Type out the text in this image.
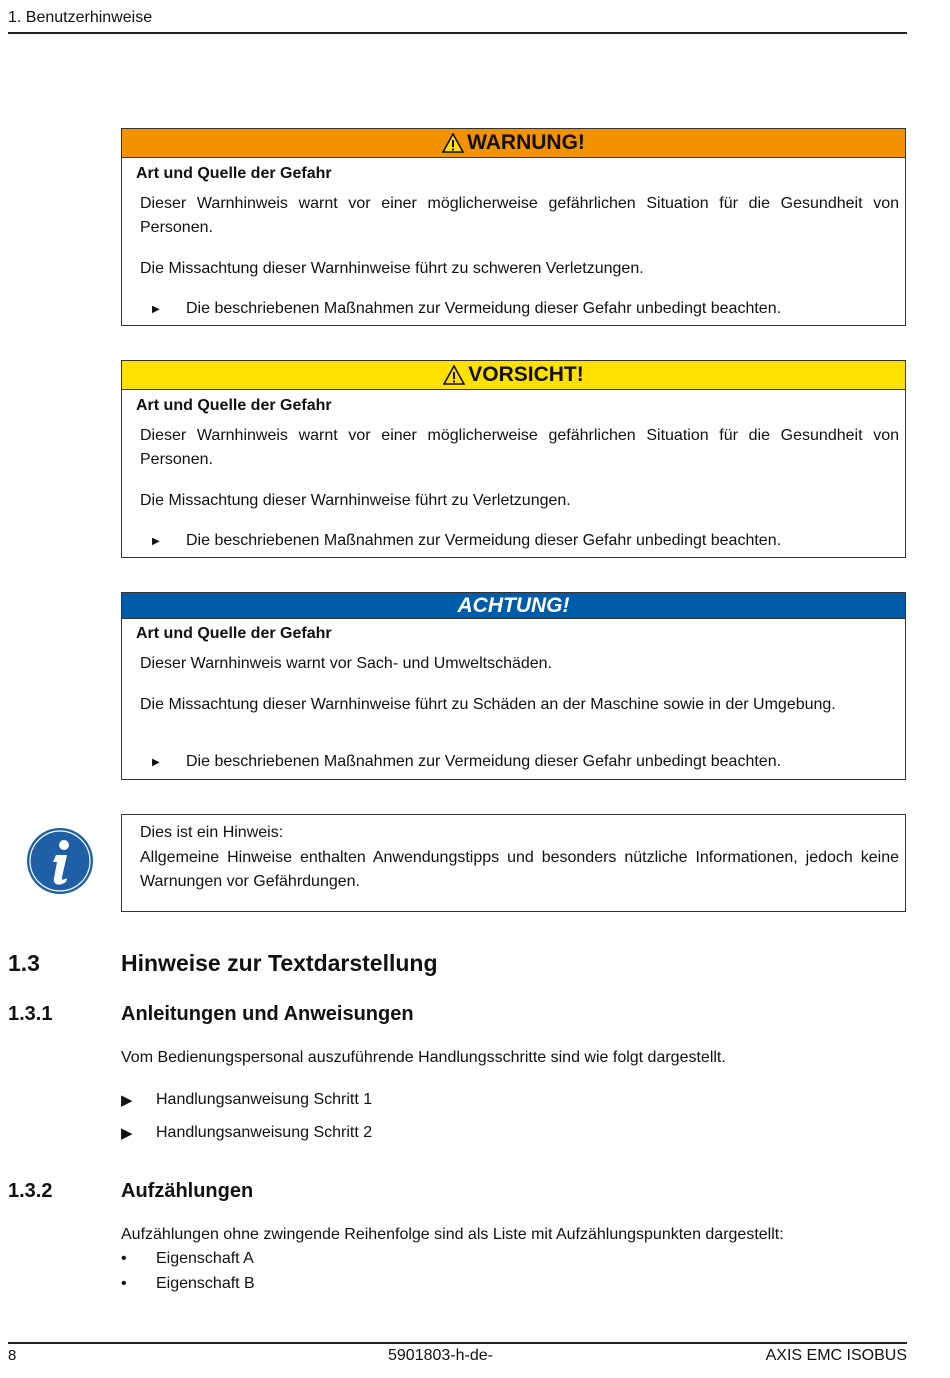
1. Benutzerhinweise
WARNUNG!
Art und Quelle der Gefahr
Dieser Warnhinweis warnt vor einer möglicherweise gefährlichen Situation für die Gesundheit von Personen.
Die Missachtung dieser Warnhinweise führt zu schweren Verletzungen.
▶ Die beschriebenen Maßnahmen zur Vermeidung dieser Gefahr unbedingt beachten.
VORSICHT!
Art und Quelle der Gefahr
Dieser Warnhinweis warnt vor einer möglicherweise gefährlichen Situation für die Gesundheit von Personen.
Die Missachtung dieser Warnhinweise führt zu Verletzungen.
▶ Die beschriebenen Maßnahmen zur Vermeidung dieser Gefahr unbedingt beachten.
ACHTUNG!
Art und Quelle der Gefahr
Dieser Warnhinweis warnt vor Sach- und Umweltschäden.
Die Missachtung dieser Warnhinweise führt zu Schäden an der Maschine sowie in der Umgebung.
▶ Die beschriebenen Maßnahmen zur Vermeidung dieser Gefahr unbedingt beachten.
Dies ist ein Hinweis:
Allgemeine Hinweise enthalten Anwendungstipps und besonders nützliche Informationen, jedoch keine Warnungen vor Gefährdungen.
1.3	Hinweise zur Textdarstellung
1.3.1	Anleitungen und Anweisungen
Vom Bedienungspersonal auszuführende Handlungsschritte sind wie folgt dargestellt.
▶ Handlungsanweisung Schritt 1
▶ Handlungsanweisung Schritt 2
1.3.2	Aufzählungen
Aufzählungen ohne zwingende Reihenfolge sind als Liste mit Aufzählungspunkten dargestellt:
• Eigenschaft A
• Eigenschaft B
8	5901803-h-de-	AXIS EMC ISOBUS
